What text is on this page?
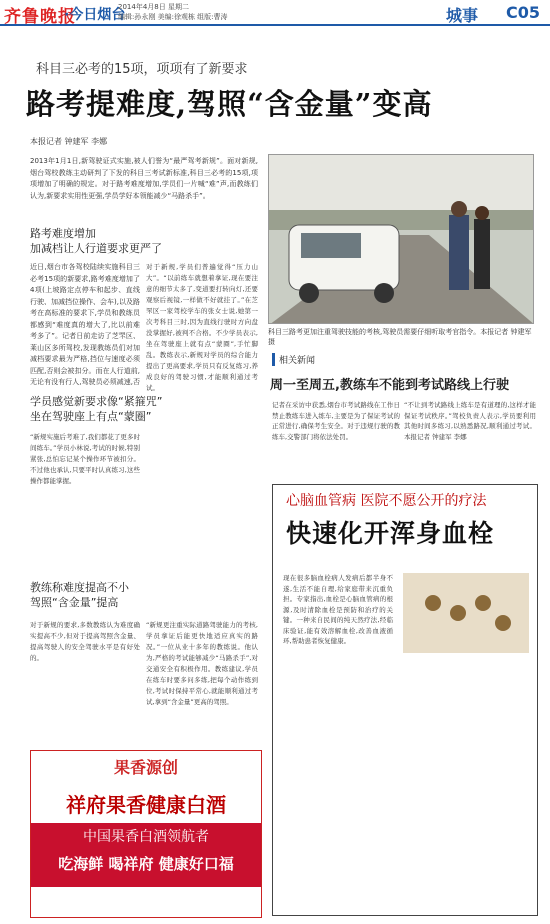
齐鲁晚报
·今日烟台
2014年4月8日 星期二
编辑:孙永刚 美编:徐观栋 组版:曹涛	城事 C05
科目三必考的15项，项项有了新要求
路考提难度,驾照“含金量”变高
本报记者 钟建军 李娜
2013年1月1日,新驾驶证式实施,被人们誉为“最严驾考新规”。面对新规,烟台驾校教练主动研判了下发的科目三考试新标准,科目三必考的15项,项项增加了明确的规定。对于路考难度增加,学员们一片喊“难”声,而教练们认为,新要求实用性更强,学员学好本领能减少“马路杀手”。
路考难度增加
加减档让人行道要求更严了
近日,烟台市各驾校陆续实施科目三必考15项的新要求,路考难度增加了4项(上坡路定点停车和起步、直线行驶、加减挡位操作、会车),以及路考在高标准的要求下,学员和教练员都感到“难度真的增大了,比以前难考多了”。记者日前走访了芝罘区、莱山区多所驾校,发现教练员们对加减档要求最为严格,挡位与速度必须匹配,否则会被扣分。而在人行道前,无论有没有行人,驾驶员必须减速,否
学员感觉新要求像“紧箍咒”
坐在驾驶座上有点“蒙圈”
“新规实施后考难了,我们都花了更多时间练车。”学员小林说,考试的时候,特别紧张,总怕忘记某个操作环节被扣分。不过他也承认,只要平时认真练习,这些操作都能掌握。
对于新规,学员们普遍觉得“压力山大”。“以前练车就想着拿证,现在要注意的细节太多了,变道要打转向灯,还要观察后视镜,一样做不好就挂了。”在芝罘区一家驾校学车的张女士说,她第一次考科目三时,因为直线行驶时方向盘没掌握好,被判不合格。不少学员表示,坐在驾驶座上就有点“蒙圈”,手忙脚乱。教练表示,新规对学员的综合能力提出了更高要求,学员只有反复练习,养成良好的驾驶习惯,才能顺利通过考试。
教练称难度提高不小
驾照“含金量”提高
对于新规的要求,多数教练认为难度确实提高不少,但对于提高驾照含金量、提高驾驶人的安全驾驶水平是有好处的。
“新规更注重实际道路驾驶能力的考核,学员拿证后能更快地适应真实的路况。”一位从业十多年的教练说。他认为,严格的考试能够减少“马路杀手”,对交通安全有积极作用。教练建议,学员在练车时要多问多练,把每个动作练到位,考试时保持平常心,就能顺利通过考试,拿到“含金量”更高的驾照。
科目三路考更加注重驾驶技能的考核,驾驶员需要仔细听取考官指令。本报记者 钟建军 摄
相关新闻
周一至周五,教练车不能到考试路线上行驶
记者在采访中获悉,烟台市考试路线在工作日禁止教练车进入练车,主要是为了保证考试的正常进行,确保考生安全。对于违规行驶的教练车,交警部门将依法处罚。
“不让到考试路线上练车是有道理的,这样才能保证考试秩序。”驾校负责人表示,学员要利用其他时间多练习,以熟悉路况,顺利通过考试。本报记者 钟建军 李娜
现在很多脑血栓病人发病后都半身不遂,生活不能自理,给家庭带来沉重负担。专家指出,血栓是心脑血管病的根源,及时清除血栓是预防和治疗的关键。一种来自民间的纯天然疗法,经临床验证,能有效溶解血栓,改善血液循环,帮助患者恢复健康。
心脑血管病 医院不愿公开的疗法
快速化开浑身血栓
果香源创
祥府果香健康白酒
中国果香白酒领航者
吃海鲜 喝祥府 健康好口福
